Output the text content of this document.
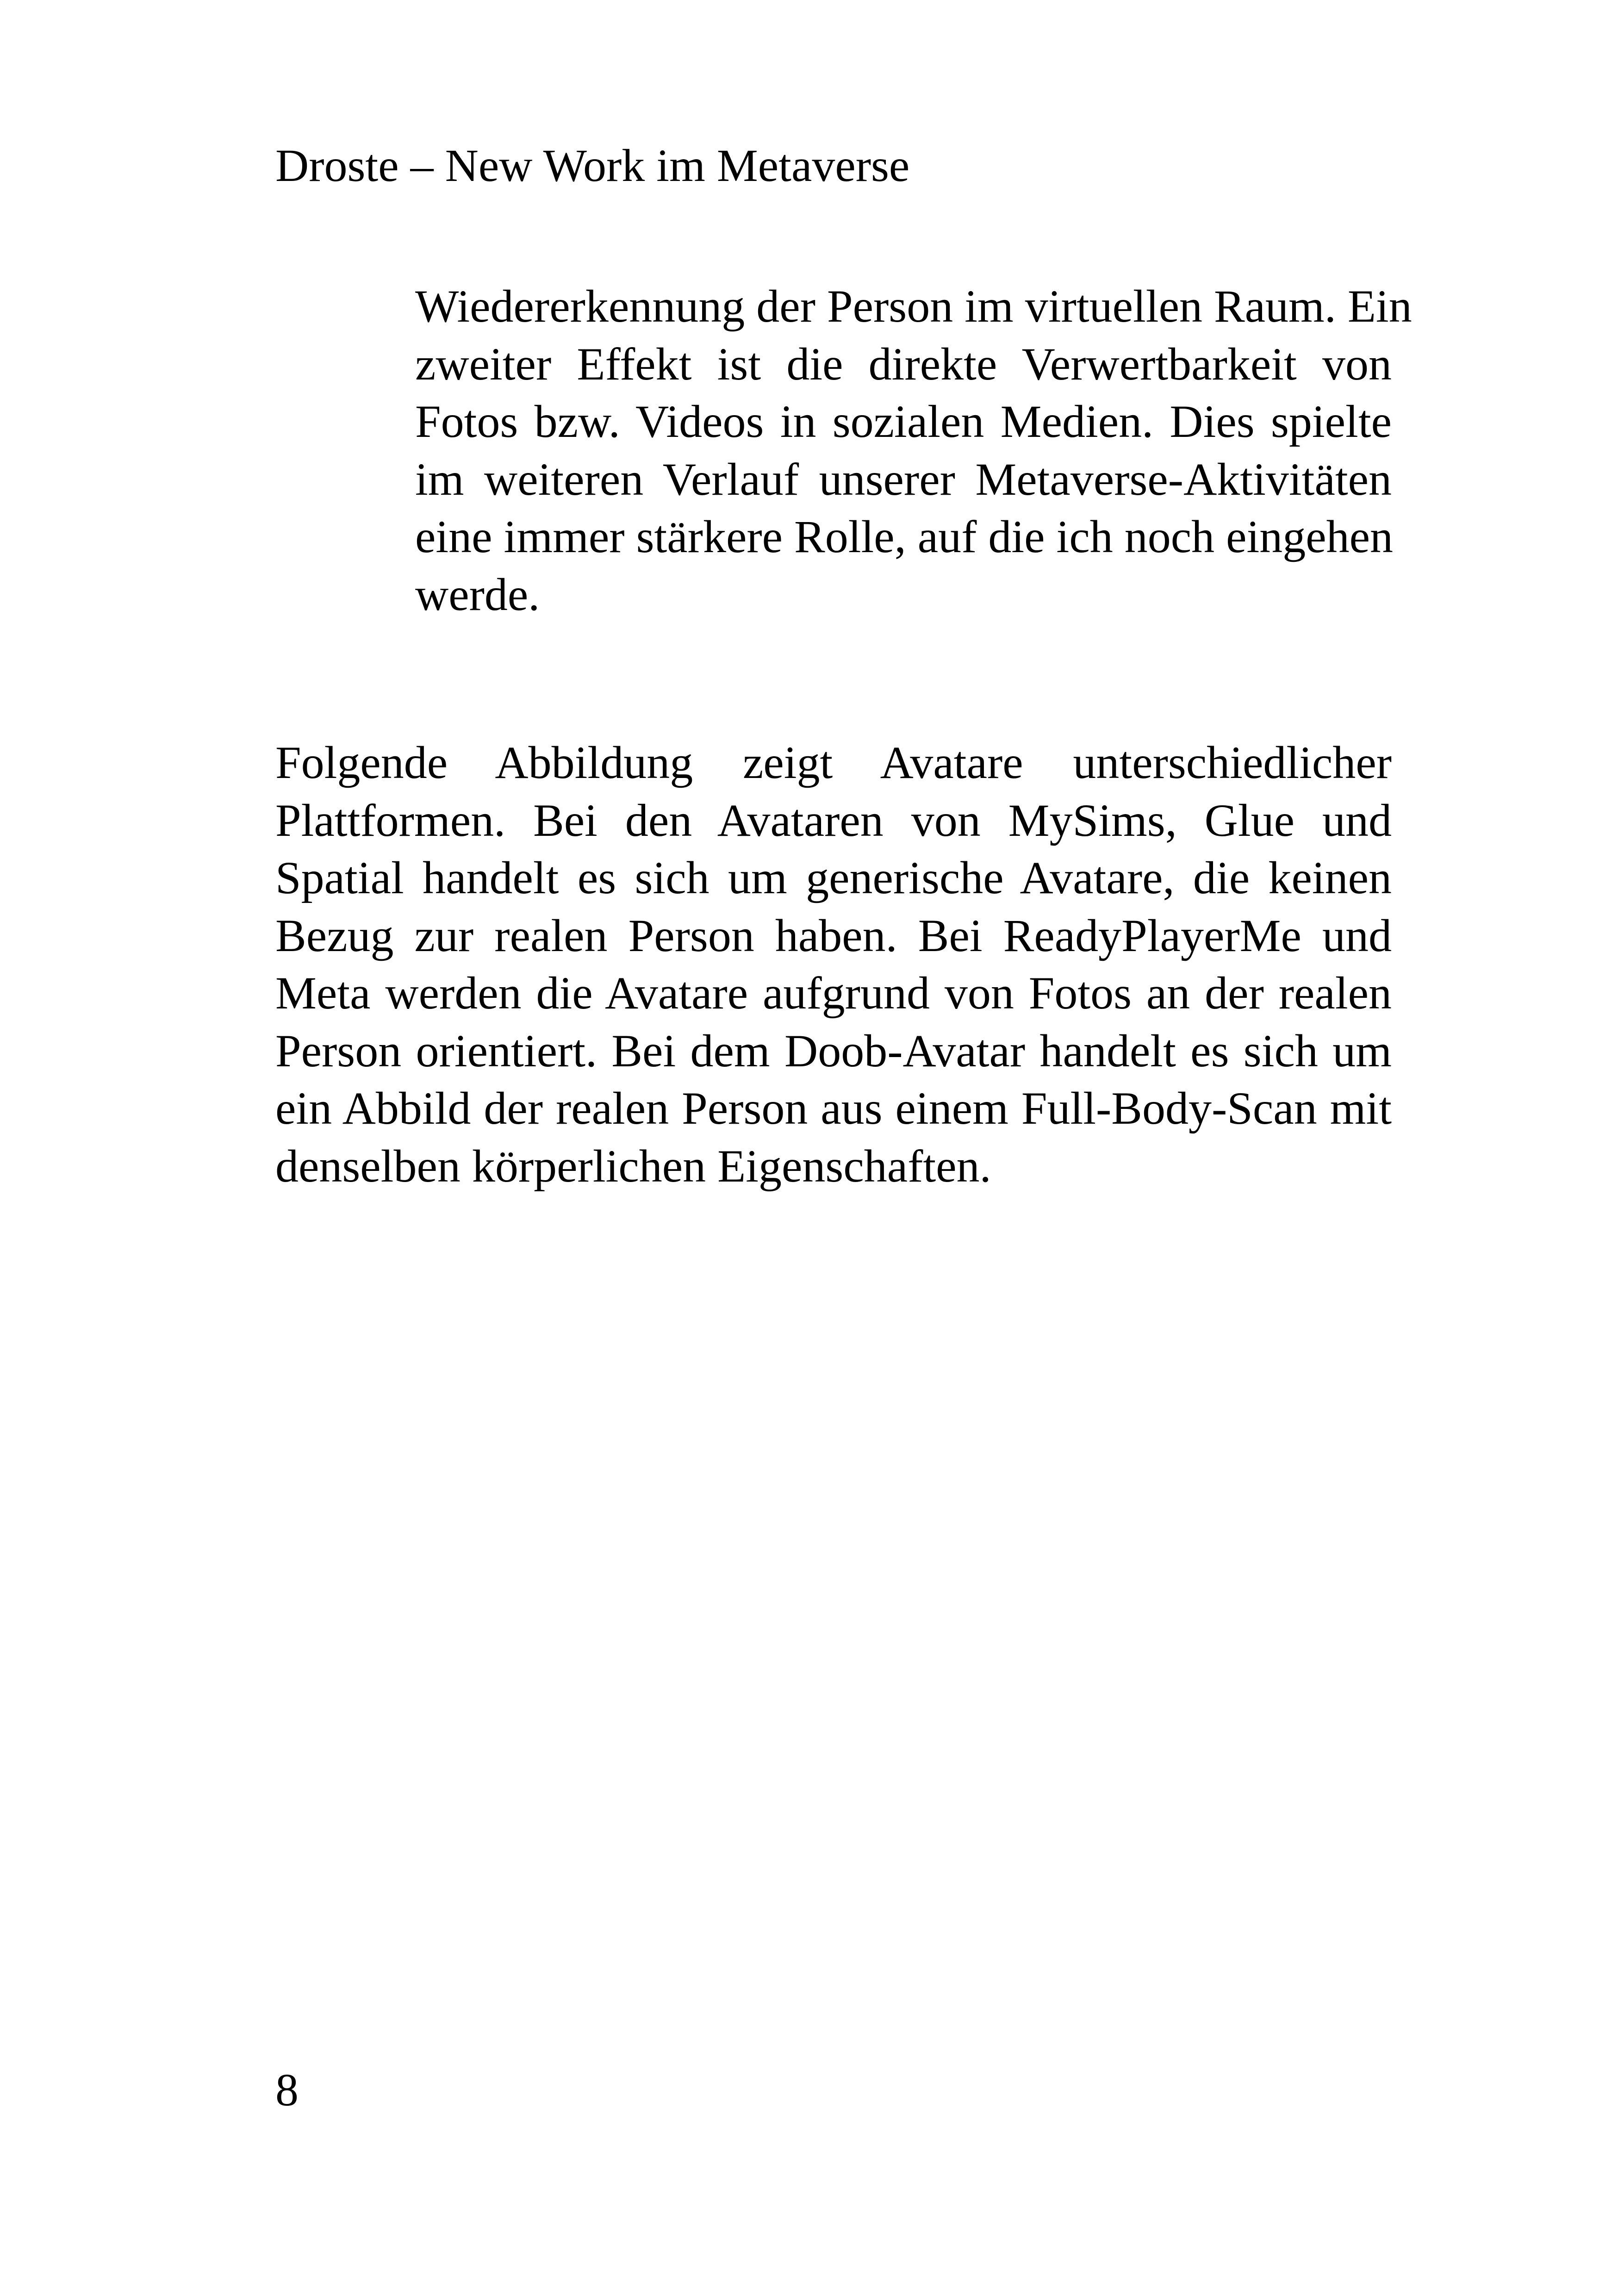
Droste – New Work im Metaverse
Wiedererkennung der Person im virtuellen Raum. Ein
zweiter Effekt ist die direkte Verwertbarkeit von
Fotos bzw. Videos in sozialen Medien. Dies spielte
im weiteren Verlauf unserer Metaverse-Aktivitäten
eine immer stärkere Rolle, auf die ich noch eingehen
werde.
Folgende Abbildung zeigt Avatare unterschiedlicher
Plattformen. Bei den Avataren von MySims, Glue und
Spatial handelt es sich um generische Avatare, die keinen
Bezug zur realen Person haben. Bei ReadyPlayerMe und
Meta werden die Avatare aufgrund von Fotos an der realen
Person orientiert. Bei dem Doob-Avatar handelt es sich um
ein Abbild der realen Person aus einem Full-Body-Scan mit
denselben körperlichen Eigenschaften.
8
